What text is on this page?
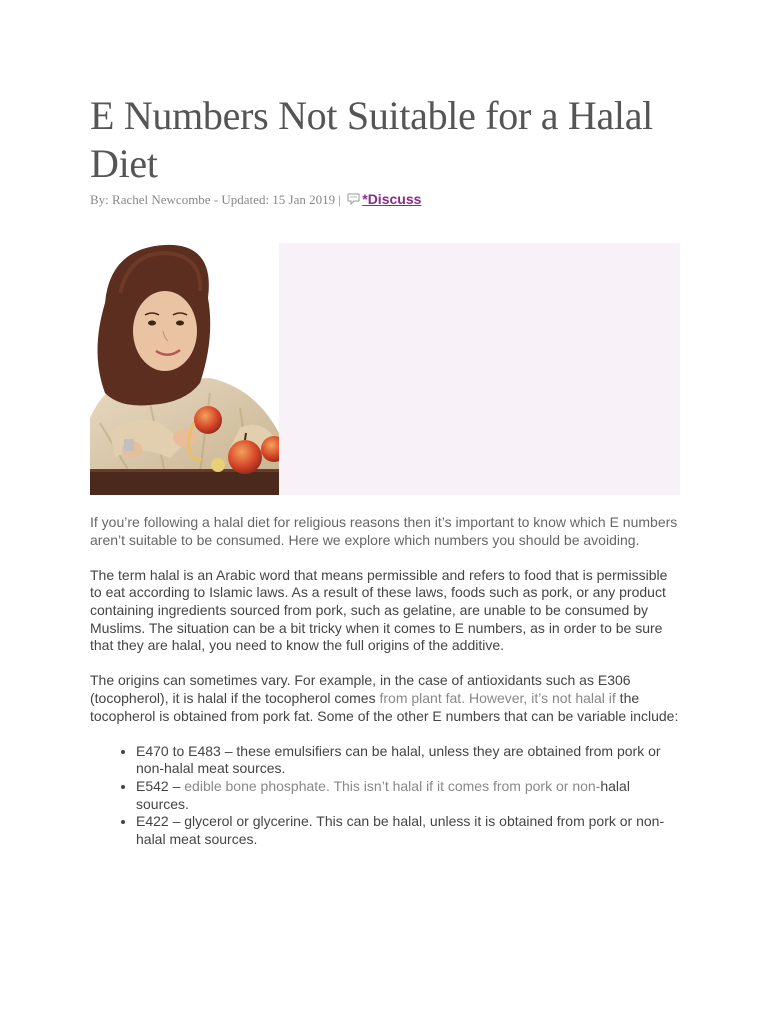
E Numbers Not Suitable for a Halal Diet
By: Rachel Newcombe - Updated: 15 Jan 2019 | *Discuss

If you’re following a halal diet for religious reasons then it’s important to know which E numbers aren’t suitable to be consumed. Here we explore which numbers you should be avoiding.

The term halal is an Arabic word that means permissible and refers to food that is permissible to eat according to Islamic laws. As a result of these laws, foods such as pork, or any product containing ingredients sourced from pork, such as gelatine, are unable to be consumed by Muslims. The situation can be a bit tricky when it comes to E numbers, as in order to be sure that they are halal, you need to know the full origins of the additive.

The origins can sometimes vary. For example, in the case of antioxidants such as E306 (tocopherol), it is halal if the tocopherol comes from plant fat. However, it’s not halal if the tocopherol is obtained from pork fat. Some of the other E numbers that can be variable include:

• E470 to E483 – these emulsifiers can be halal, unless they are obtained from pork or non-halal meat sources.
• E542 – edible bone phosphate. This isn’t halal if it comes from pork or non-halal sources.
• E422 – glycerol or glycerine. This can be halal, unless it is obtained from pork or non-halal meat sources.
